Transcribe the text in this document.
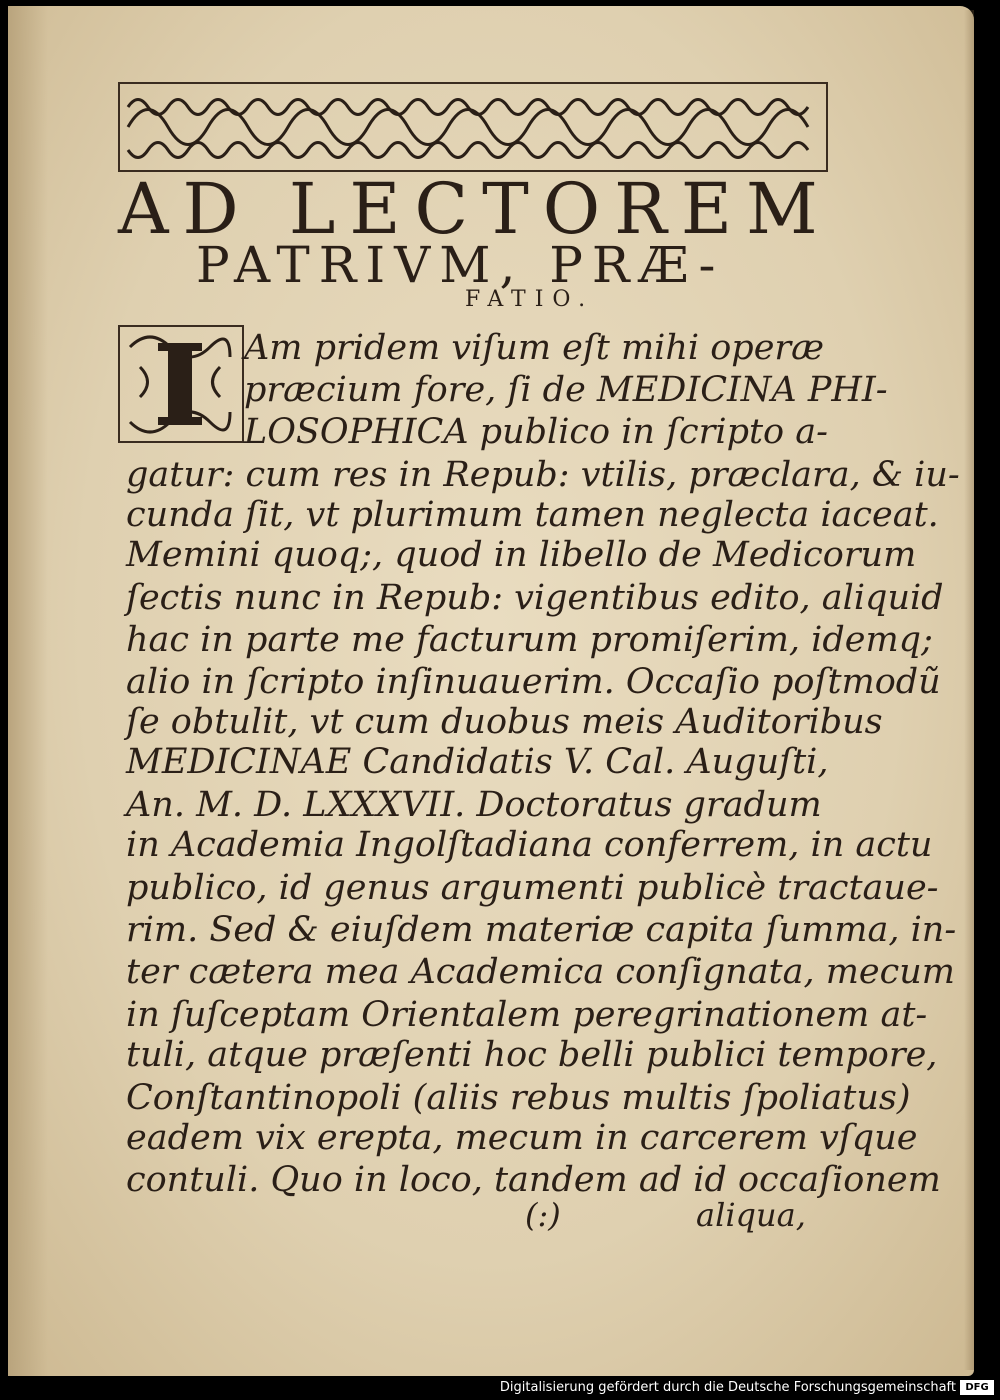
AD LECTOREM
PATRIVM, PRÆ-
FATIO.
Am pridem viſum eſt mihi operæ
præcium fore, ſi de MEDICINA PHI-
LOSOPHICA publico in ſcripto a-
gatur: cum res in Repub: vtilis, præclara, & iu-
cunda ſit, vt plurimum tamen neglecta iaceat.
Memini quoq;, quod in libello de Medicorum
ſectis nunc in Repub: vigentibus edito, aliquid
hac in parte me facturum promiſerim, idemq;
alio in ſcripto inſinuauerim. Occaſio poſtmodũ
ſe obtulit, vt cum duobus meis Auditoribus
MEDICINAE Candidatis V. Cal. Auguſti,
An. M. D. LXXXVII. Doctoratus gradum
in Academia Ingolſtadiana conferrem, in actu
publico, id genus argumenti publicè tractaue-
rim. Sed & eiuſdem materiæ capita ſumma, in-
ter cætera mea Academica conſignata, mecum
in ſuſceptam Orientalem peregrinationem at-
tuli, atque præſenti hoc belli publici tempore,
Conſtantinopoli (aliis rebus multis ſpoliatus)
eadem vix erepta, mecum in carcerem vſque
contuli. Quo in loco, tandem ad id occaſionem
(:)	aliqua,
Digitalisierung gefördert durch die Deutsche Forschungsgemeinschaft DFG
